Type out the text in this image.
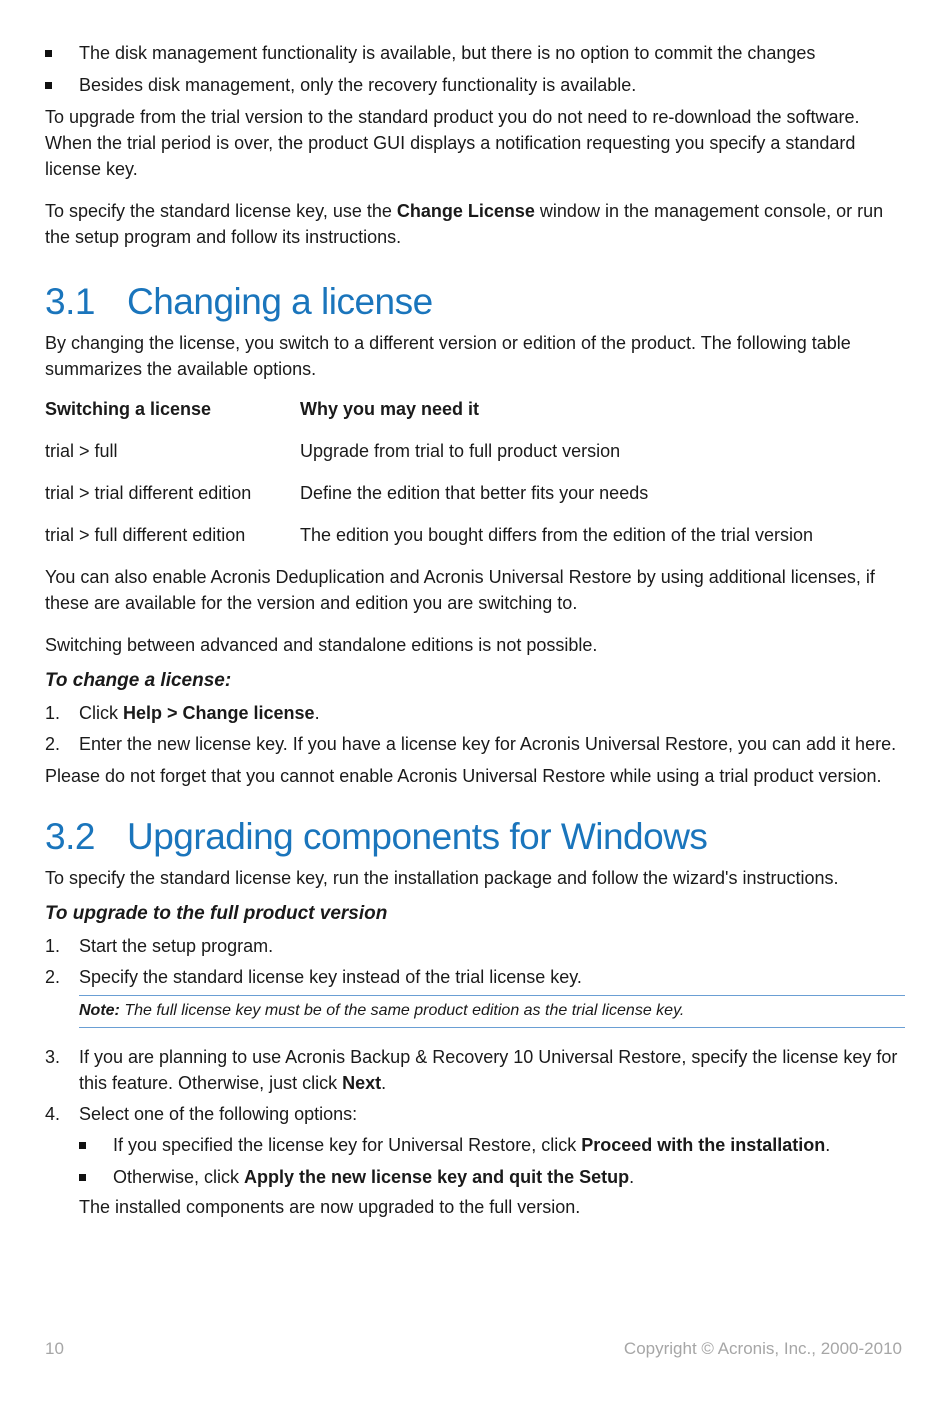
The disk management functionality is available, but there is no option to commit the changes
Besides disk management, only the recovery functionality is available.

To upgrade from the trial version to the standard product you do not need to re-download the software. When the trial period is over, the product GUI displays a notification requesting you specify a standard license key.

To specify the standard license key, use the Change License window in the management console, or run the setup program and follow its instructions.

3.1 Changing a license

By changing the license, you switch to a different version or edition of the product. The following table summarizes the available options.

Switching a license	Why you may need it
trial > full	Upgrade from trial to full product version
trial > trial different edition	Define the edition that better fits your needs
trial > full different edition	The edition you bought differs from the edition of the trial version

You can also enable Acronis Deduplication and Acronis Universal Restore by using additional licenses, if these are available for the version and edition you are switching to.

Switching between advanced and standalone editions is not possible.

To change a license:

1. Click Help > Change license.
2. Enter the new license key. If you have a license key for Acronis Universal Restore, you can add it here.

Please do not forget that you cannot enable Acronis Universal Restore while using a trial product version.

3.2 Upgrading components for Windows

To specify the standard license key, run the installation package and follow the wizard's instructions.

To upgrade to the full product version

1. Start the setup program.
2. Specify the standard license key instead of the trial license key.
Note: The full license key must be of the same product edition as the trial license key.
3. If you are planning to use Acronis Backup & Recovery 10 Universal Restore, specify the license key for this feature. Otherwise, just click Next.
4. Select one of the following options:
If you specified the license key for Universal Restore, click Proceed with the installation.
Otherwise, click Apply the new license key and quit the Setup.

The installed components are now upgraded to the full version.

10	Copyright © Acronis, Inc., 2000-2010
